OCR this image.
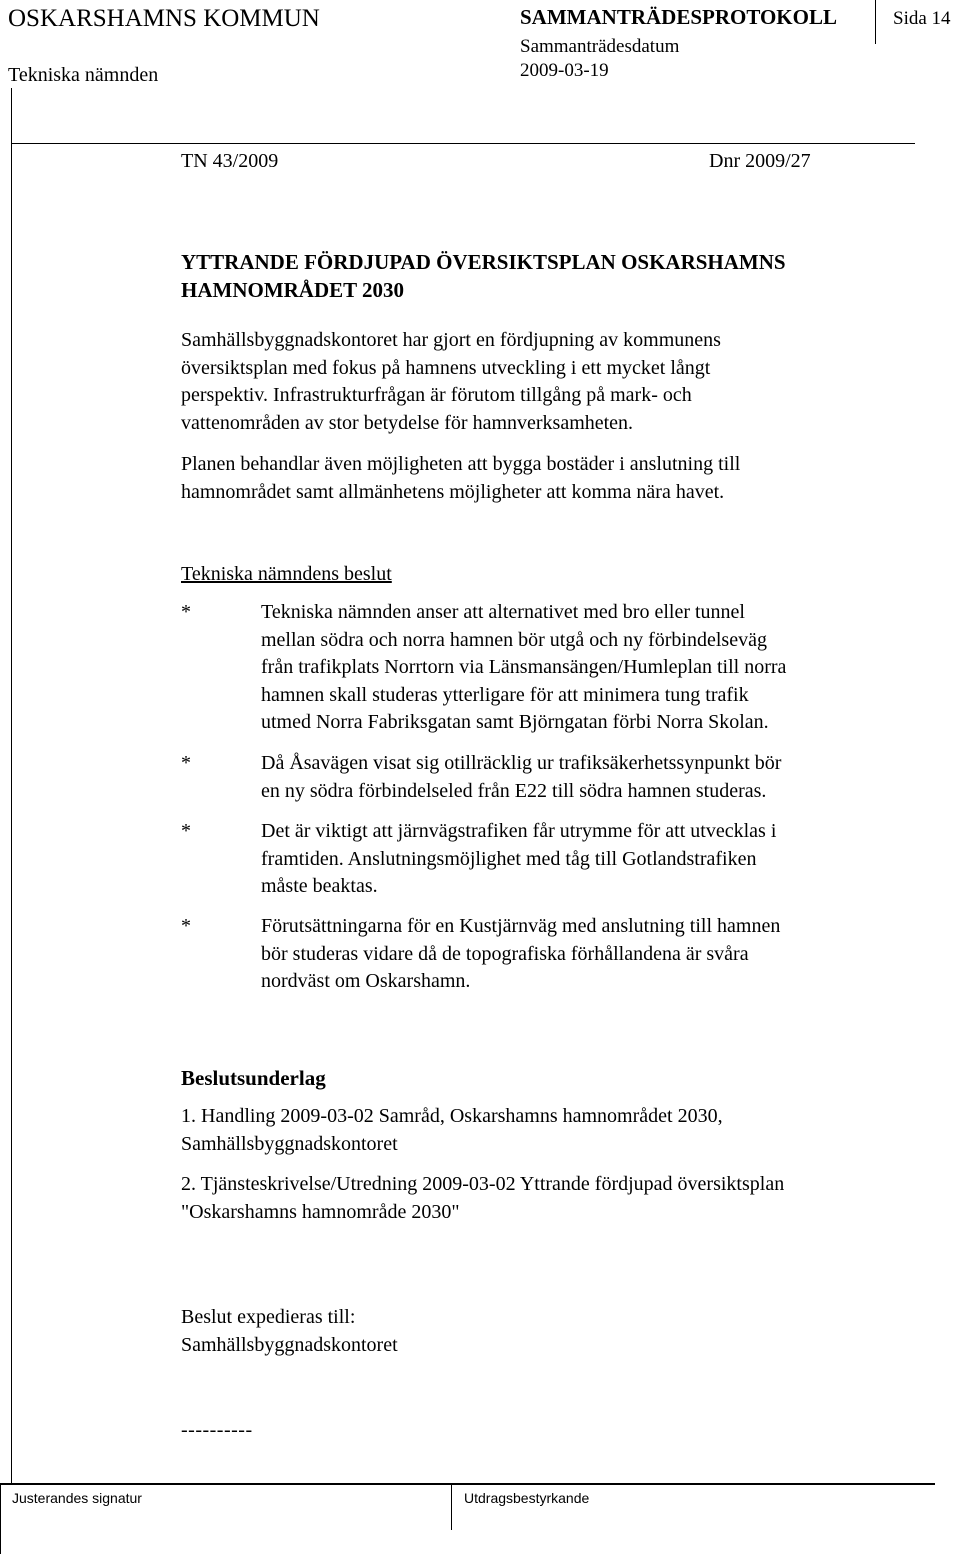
OSKARSHAMNS KOMMUN	SAMMANTRÄDESPROTOKOLL	Sida 14
Tekniska nämnden
Sammanträdesdatum
2009-03-19
TN 43/2009	Dnr 2009/27
YTTRANDE FÖRDJUPAD ÖVERSIKTSPLAN OSKARSHAMNS
HAMNOMRÅDET 2030

Samhällsbyggnadskontoret har gjort en fördjupning av kommunens

översiktsplan med fokus på hamnens utveckling i ett mycket långt

perspektiv. Infrastrukturfrågan är förutom tillgång på mark- och

vattenområden av stor betydelse för hamnverksamheten.

Planen behandlar även möjligheten att bygga bostäder i anslutning till

hamnområdet samt allmänhetens möjligheter att komma nära havet.

Tekniska nämndens beslut
*	Tekniska nämnden anser att alternativet med bro eller tunnel
mellan södra och norra hamnen bör utgå och ny förbindelseväg
från trafikplats Norrtorn via Länsmansängen/Humleplan till norra
hamnen skall studeras ytterligare för att minimera tung trafik
utmed Norra Fabriksgatan samt Björngatan förbi Norra Skolan.
*	Då Åsavägen visat sig otillräcklig ur trafiksäkerhetssynpunkt bör
en ny södra förbindelseled från E22 till södra hamnen studeras.
*	Det är viktigt att järnvägstrafiken får utrymme för att utvecklas i
framtiden. Anslutningsmöjlighet med tåg till Gotlandstrafiken
måste beaktas.
*	Förutsättningarna för en Kustjärnväg med anslutning till hamnen
bör studeras vidare då de topografiska förhållandena är svåra
nordväst om Oskarshamn.
Beslutsunderlag

1. Handling 2009-03-02 Samråd, Oskarshamns hamnområdet 2030,

Samhällsbyggnadskontoret

2. Tjänsteskrivelse/Utredning 2009-03-02 Yttrande fördjupad översiktsplan

"Oskarshamns hamnområde 2030"

Beslut expedieras till:

Samhällsbyggnadskontoret

----------
Justerandes signatur	Utdragsbestyrkande
